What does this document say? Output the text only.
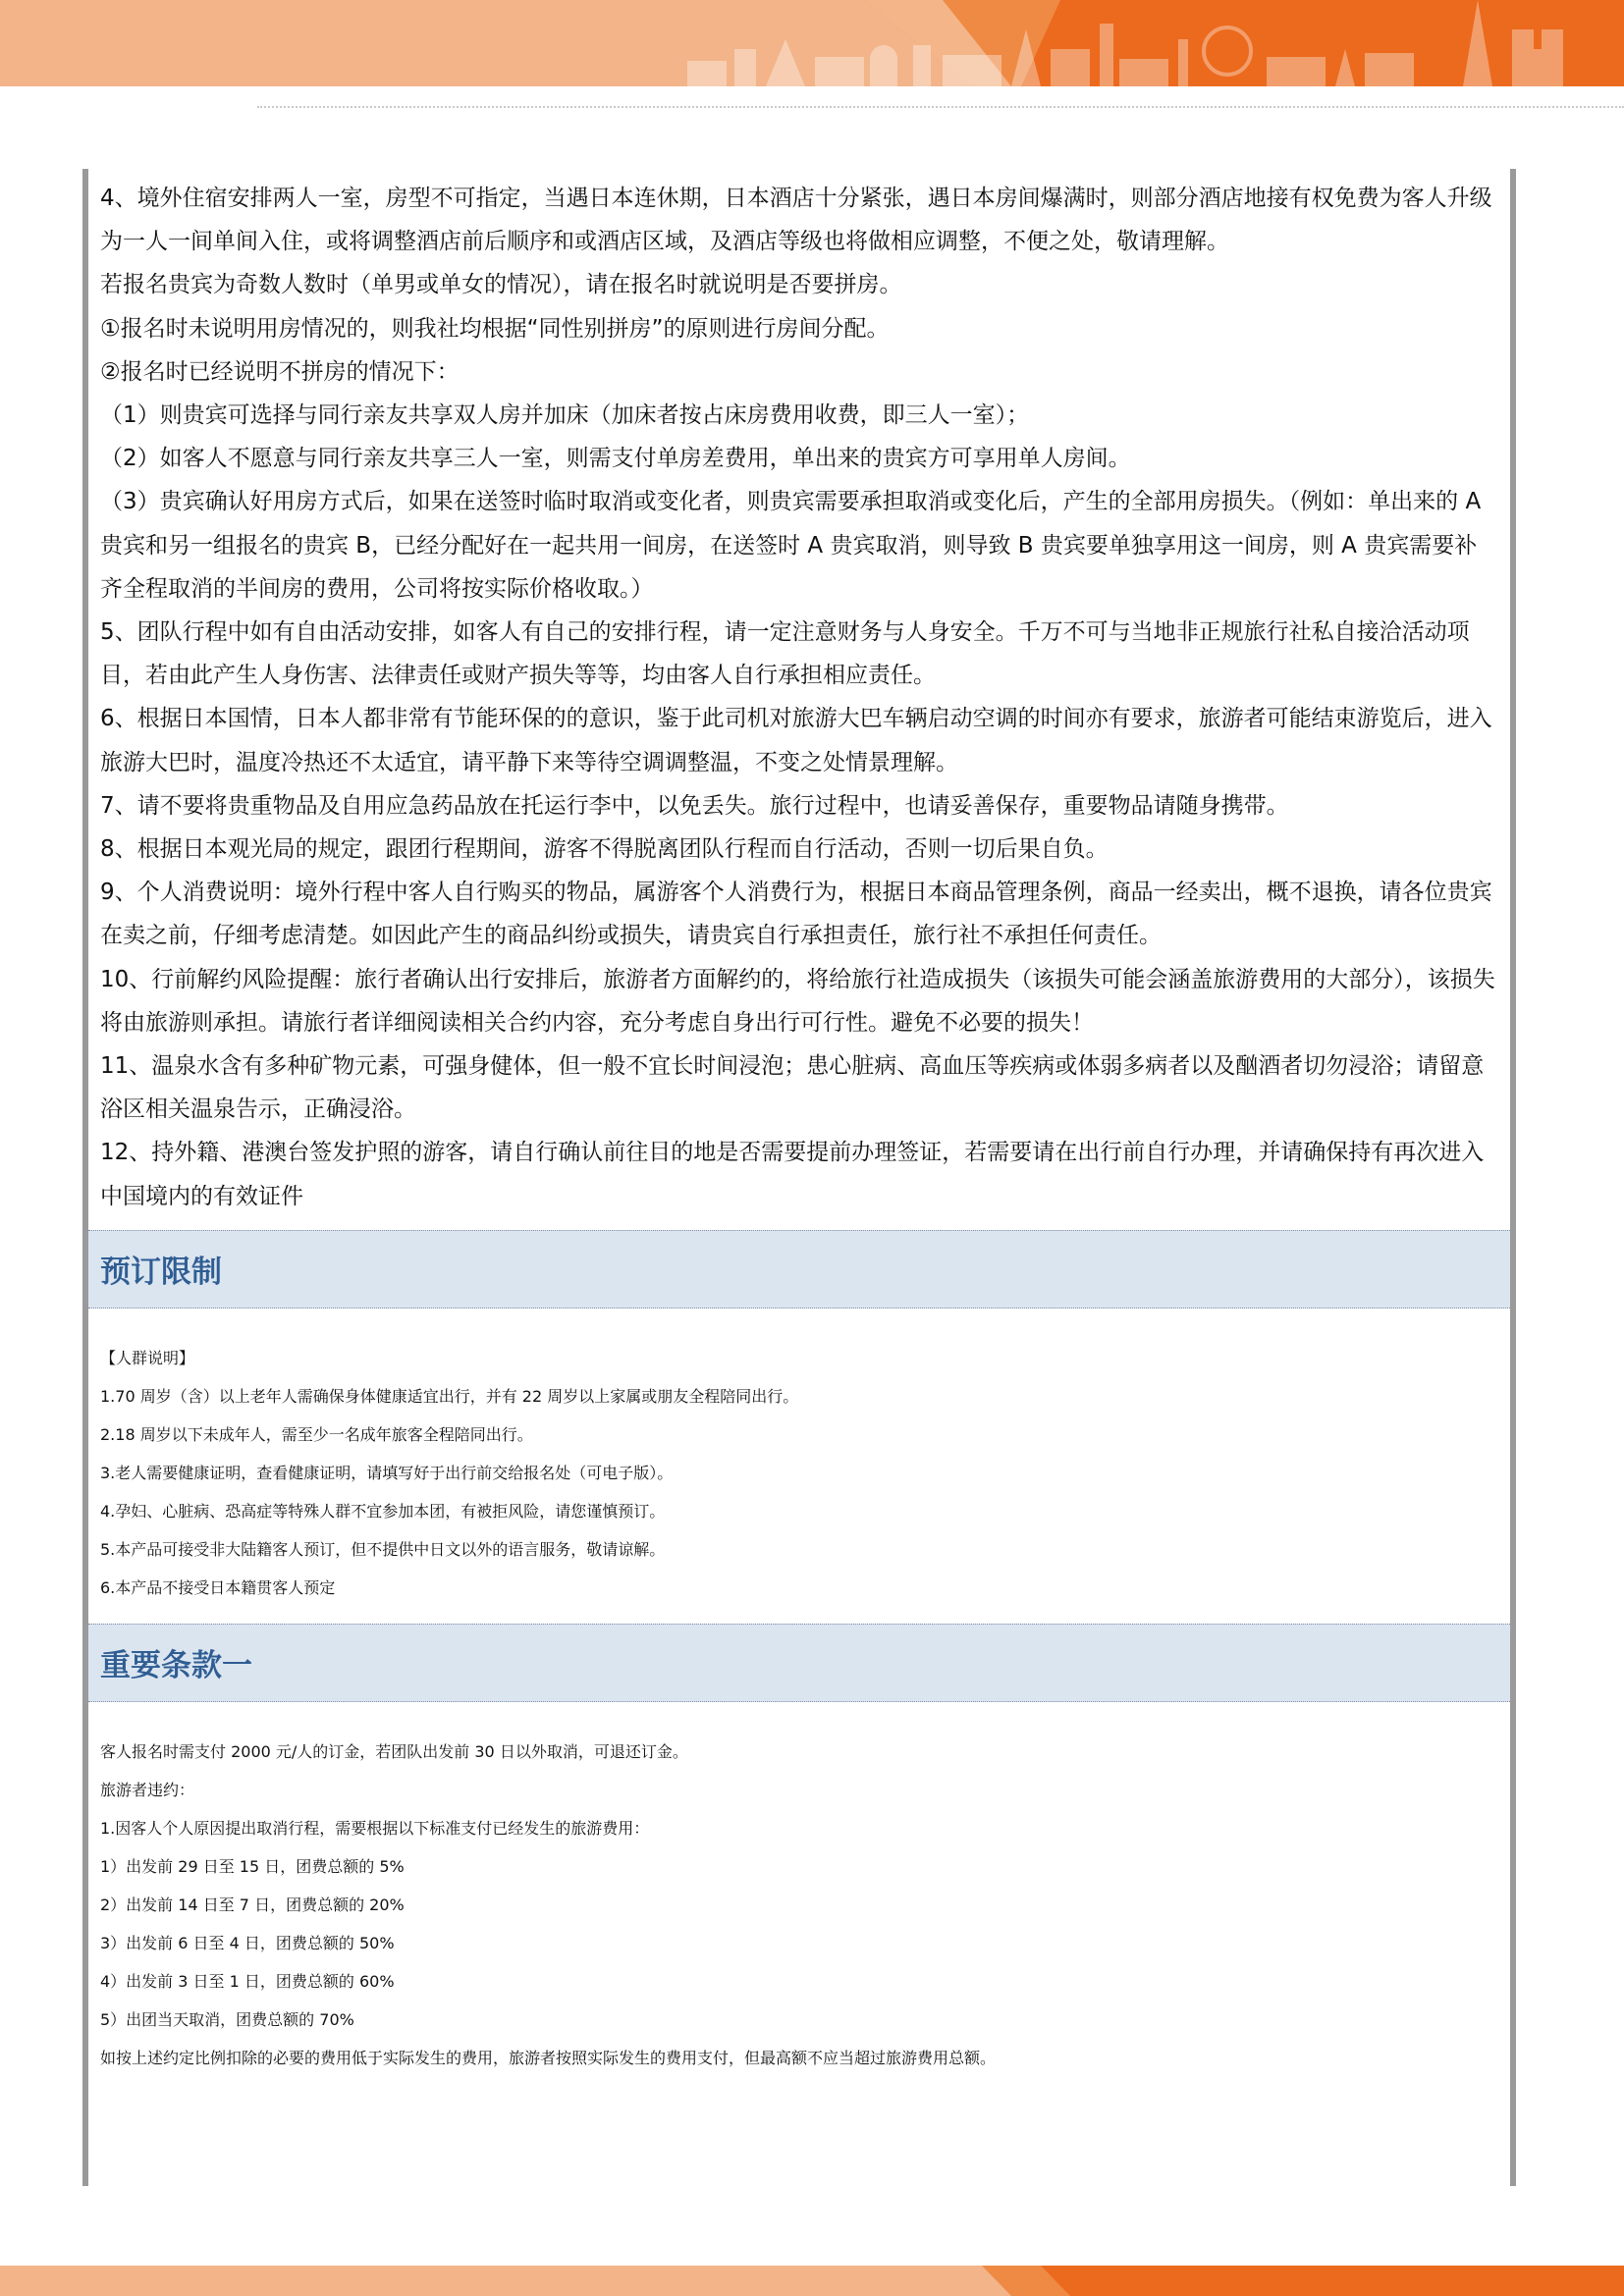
4、境外住宿安排两人一室，房型不可指定，当遇日本连休期，日本酒店十分紧张，遇日本房间爆满时，则部分酒店地接有权免费为客人升级为一人一间单间入住，或将调整酒店前后顺序和或酒店区域，及酒店等级也将做相应调整，不便之处，敬请理解。

若报名贵宾为奇数人数时（单男或单女的情况），请在报名时就说明是否要拼房。

①报名时未说明用房情况的，则我社均根据“同性别拼房”的原则进行房间分配。

②报名时已经说明不拼房的情况下：

（1）则贵宾可选择与同行亲友共享双人房并加床（加床者按占床房费用收费，即三人一室）；

（2）如客人不愿意与同行亲友共享三人一室，则需支付单房差费用，单出来的贵宾方可享用单人房间。

（3）贵宾确认好用房方式后，如果在送签时临时取消或变化者，则贵宾需要承担取消或变化后，产生的全部用房损失。（例如：单出来的 A 贵宾和另一组报名的贵宾 B，已经分配好在一起共用一间房，在送签时 A 贵宾取消，则导致 B 贵宾要单独享用这一间房，则 A 贵宾需要补齐全程取消的半间房的费用，公司将按实际价格收取。）

5、团队行程中如有自由活动安排，如客人有自己的安排行程，请一定注意财务与人身安全。千万不可与当地非正规旅行社私自接洽活动项目，若由此产生人身伤害、法律责任或财产损失等等，均由客人自行承担相应责任。

6、根据日本国情，日本人都非常有节能环保的的意识，鉴于此司机对旅游大巴车辆启动空调的时间亦有要求，旅游者可能结束游览后，进入旅游大巴时，温度冷热还不太适宜，请平静下来等待空调调整温，不变之处情景理解。

7、请不要将贵重物品及自用应急药品放在托运行李中，以免丢失。旅行过程中，也请妥善保存，重要物品请随身携带。

8、根据日本观光局的规定，跟团行程期间，游客不得脱离团队行程而自行活动，否则一切后果自负。

9、个人消费说明：境外行程中客人自行购买的物品，属游客个人消费行为，根据日本商品管理条例，商品一经卖出，概不退换，请各位贵宾在卖之前，仔细考虑清楚。如因此产生的商品纠纷或损失，请贵宾自行承担责任，旅行社不承担任何责任。

10、行前解约风险提醒：旅行者确认出行安排后，旅游者方面解约的，将给旅行社造成损失（该损失可能会涵盖旅游费用的大部分），该损失将由旅游则承担。请旅行者详细阅读相关合约内容，充分考虑自身出行可行性。避免不必要的损失！

11、温泉水含有多种矿物元素，可强身健体，但一般不宜长时间浸泡；患心脏病、高血压等疾病或体弱多病者以及酗酒者切勿浸浴；请留意浴区相关温泉告示，正确浸浴。

12、持外籍、港澳台签发护照的游客，请自行确认前往目的地是否需要提前办理签证，若需要请在出行前自行办理，并请确保持有再次进入中国境内的有效证件

预订限制

【人群说明】

1.70 周岁（含）以上老年人需确保身体健康适宜出行，并有 22 周岁以上家属或朋友全程陪同出行。

2.18 周岁以下未成年人，需至少一名成年旅客全程陪同出行。

3.老人需要健康证明，查看健康证明，请填写好于出行前交给报名处（可电子版）。

4.孕妇、心脏病、恐高症等特殊人群不宜参加本团，有被拒风险，请您谨慎预订。

5.本产品可接受非大陆籍客人预订，但不提供中日文以外的语言服务，敬请谅解。

6.本产品不接受日本籍贯客人预定

重要条款一

客人报名时需支付 2000 元/人的订金，若团队出发前 30 日以外取消，可退还订金。

旅游者违约：

1.因客人个人原因提出取消行程，需要根据以下标准支付已经发生的旅游费用：

1）出发前 29 日至 15 日，团费总额的 5%

2）出发前 14 日至 7 日，团费总额的 20%

3）出发前 6 日至 4 日，团费总额的 50%

4）出发前 3 日至 1 日，团费总额的 60%

5）出团当天取消，团费总额的 70%

如按上述约定比例扣除的必要的费用低于实际发生的费用，旅游者按照实际发生的费用支付，但最高额不应当超过旅游费用总额。
